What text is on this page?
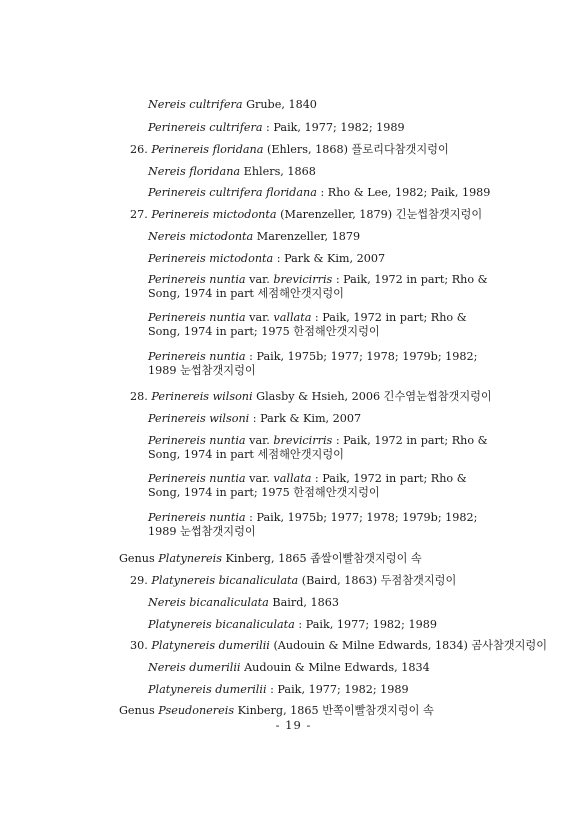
Nereis cultrifera Grube, 1840
Perinereis cultrifera : Paik, 1977; 1982; 1989
26. Perinereis floridana (Ehlers, 1868) 플로리다참갯지렁이
Nereis floridana Ehlers, 1868
Perinereis cultrifera floridana : Rho & Lee, 1982; Paik, 1989
27. Perinereis mictodonta (Marenzeller, 1879) 긴눈썹참갯지렁이
Nereis mictodonta Marenzeller, 1879
Perinereis mictodonta : Park & Kim, 2007
Perinereis nuntia var. brevicirris : Paik, 1972 in part; Rho & Song, 1974 in part 세점해안갯지렁이
Perinereis nuntia var. vallata : Paik, 1972 in part; Rho & Song, 1974 in part; 1975 한점해안갯지렁이
Perinereis nuntia : Paik, 1975b; 1977; 1978; 1979b; 1982; 1989 눈썹참갯지렁이
28. Perinereis wilsoni Glasby & Hsieh, 2006 긴수염눈썹참갯지렁이
Perinereis wilsoni : Park & Kim, 2007
Perinereis nuntia var. brevicirris : Paik, 1972 in part; Rho & Song, 1974 in part 세점해안갯지렁이
Perinereis nuntia var. vallata : Paik, 1972 in part; Rho & Song, 1974 in part; 1975 한점해안갯지렁이
Perinereis nuntia : Paik, 1975b; 1977; 1978; 1979b; 1982; 1989 눈썹참갯지렁이
Genus Platynereis Kinberg, 1865 좁쌀이빨참갯지렁이 속
29. Platynereis bicanaliculata (Baird, 1863) 두점참갯지렁이
Nereis bicanaliculata Baird, 1863
Platynereis bicanaliculata : Paik, 1977; 1982; 1989
30. Platynereis dumerilii (Audouin & Milne Edwards, 1834) 곰사참갯지렁이
Nereis dumerilii Audouin & Milne Edwards, 1834
Platynereis dumerilii : Paik, 1977; 1982; 1989
Genus Pseudonereis Kinberg, 1865 반쪽이빨참갯지렁이 속
- 19 -
